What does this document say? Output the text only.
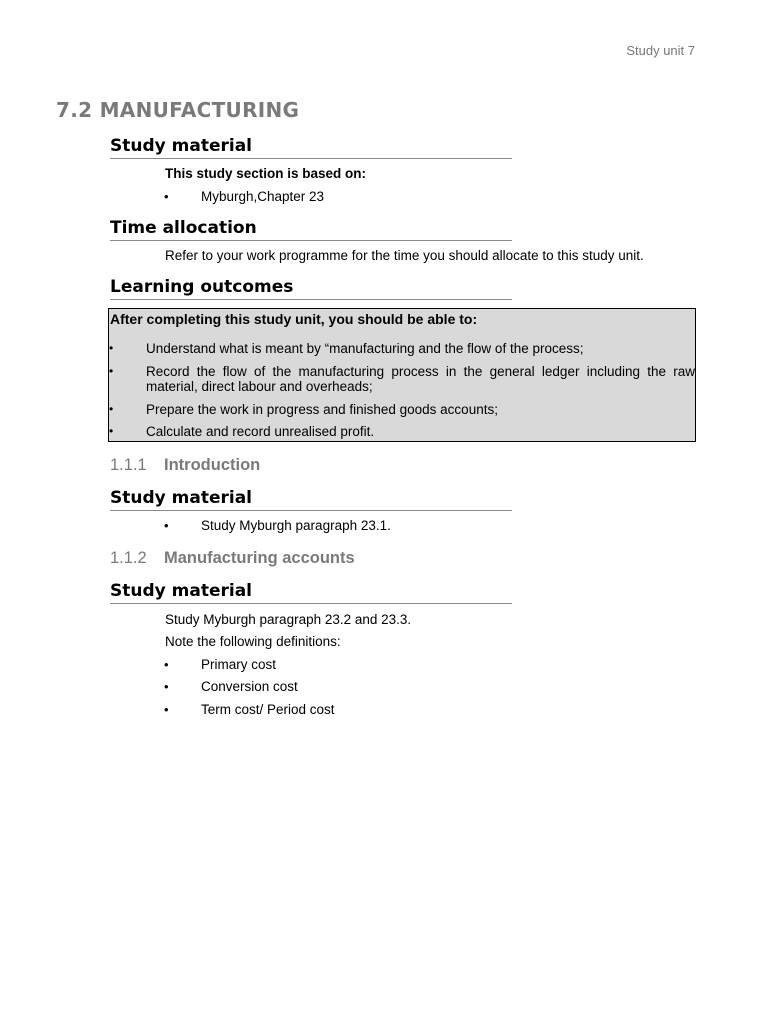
Study unit 7
7.2 MANUFACTURING
Study material
This study section is based on:
• Myburgh,Chapter 23
Time allocation
Refer to your work programme for the time you should allocate to this study unit.
Learning outcomes
After completing this study unit, you should be able to:
• Understand what is meant by “manufacturing and the flow of the process;
• Record the flow of the manufacturing process in the general ledger including the raw material, direct labour and overheads;
• Prepare the work in progress and finished goods accounts;
• Calculate and record unrealised profit.
1.1.1 Introduction
Study material
• Study Myburgh paragraph 23.1.
1.1.2 Manufacturing accounts
Study material
Study Myburgh paragraph 23.2 and 23.3.
Note the following definitions:
• Primary cost
• Conversion cost
• Term cost/ Period cost
